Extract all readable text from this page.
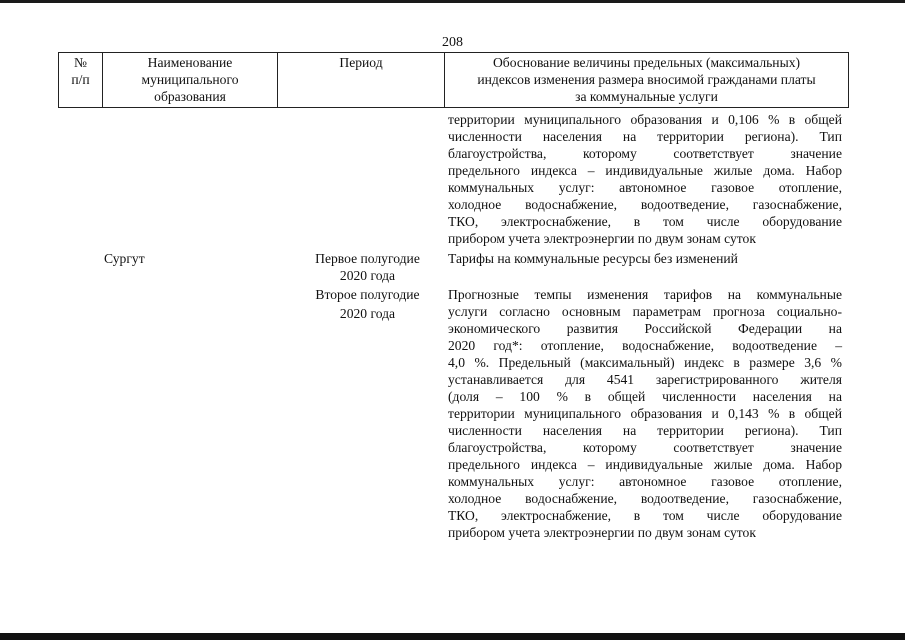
208
№
п/п
Наименование
муниципального
образования
Период	Обоснование величины предельных (максимальных)
индексов изменения размера вносимой гражданами платы
за коммунальные услуги
территории муниципального образования и 0,106 % в общей
численности населения на территории региона). Тип
благоустройства, которому соответствует значение
предельного индекса – индивидуальные жилые дома. Набор
коммунальных услуг: автономное газовое отопление,
холодное водоснабжение, водоотведение, газоснабжение,
ТКО, электроснабжение, в том числе оборудование
прибором учета электроэнергии по двум зонам суток
Сургут	Первое полугодие
2020 года
Тарифы на коммунальные ресурсы без изменений
Второе полугодие
2020 года
Прогнозные темпы изменения тарифов на коммунальные
услуги согласно основным параметрам прогноза социально-
экономического развития Российской Федерации на
2020 год*: отопление, водоснабжение, водоотведение –
4,0 %. Предельный (максимальный) индекс в размере 3,6 %
устанавливается для 4541 зарегистрированного жителя
(доля – 100 % в общей численности населения на
территории муниципального образования и 0,143 % в общей
численности населения на территории региона). Тип
благоустройства, которому соответствует значение
предельного индекса – индивидуальные жилые дома. Набор
коммунальных услуг: автономное газовое отопление,
холодное водоснабжение, водоотведение, газоснабжение,
ТКО, электроснабжение, в том числе оборудование
прибором учета электроэнергии по двум зонам суток
